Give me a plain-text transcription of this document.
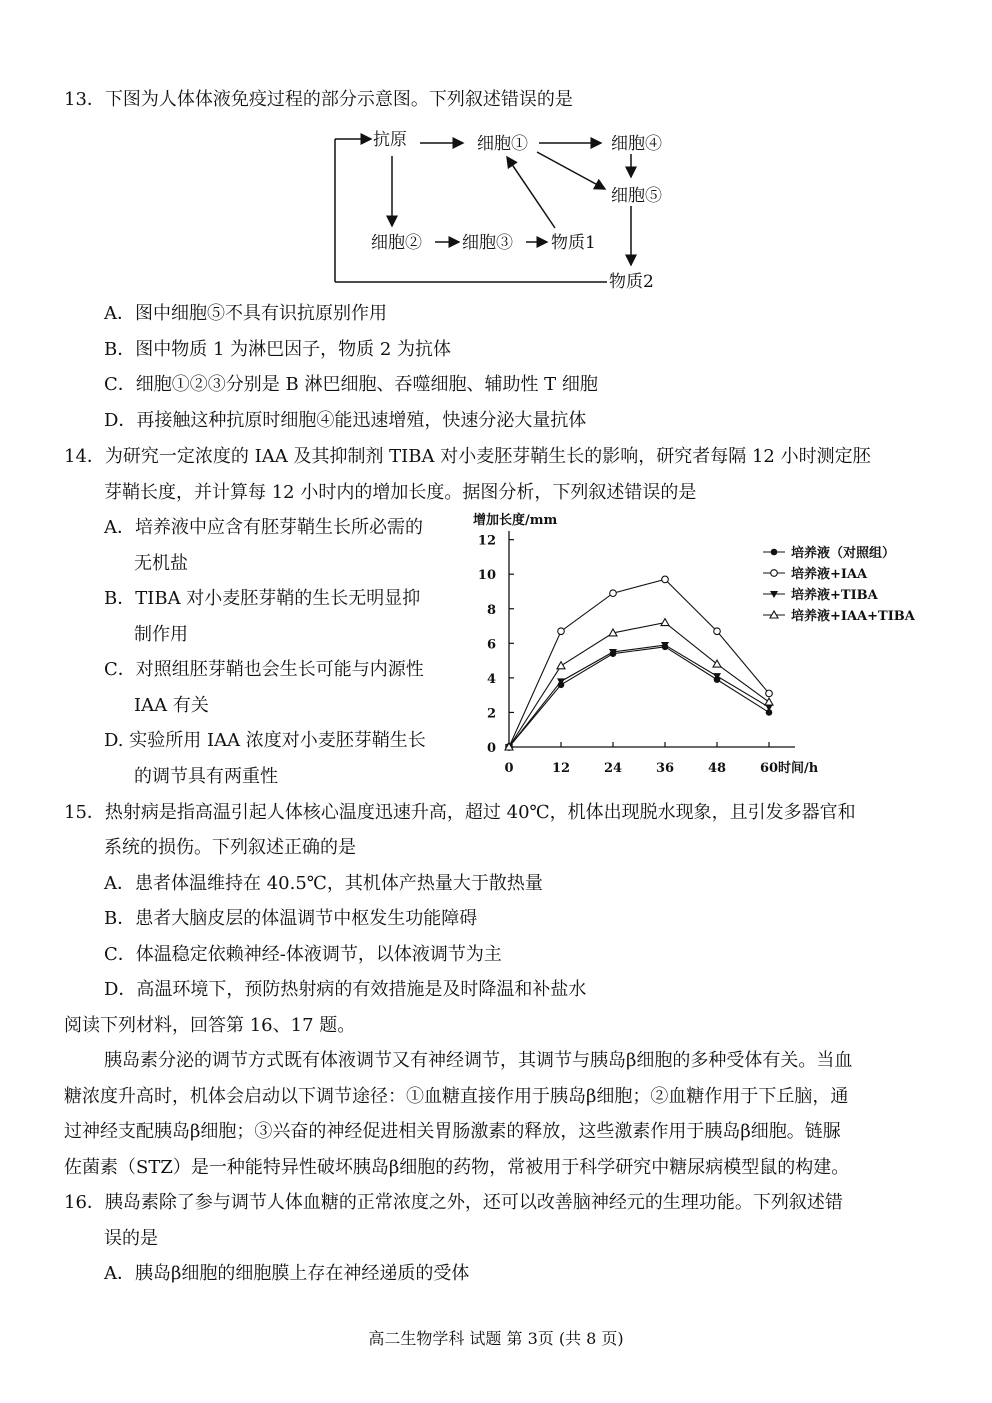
13．下图为人体体液免疫过程的部分示意图。下列叙述错误的是
抗原	细胞①	细胞④
细胞⑤
细胞② 细胞③ 物质1
物质2
A．图中细胞⑤不具有识抗原别作用
B．图中物质 1 为淋巴因子，物质 2 为抗体
C．细胞①②③分别是 B 淋巴细胞、吞噬细胞、辅助性 T 细胞
D．再接触这种抗原时细胞④能迅速增殖，快速分泌大量抗体
14．为研究一定浓度的 IAA 及其抑制剂 TIBA 对小麦胚芽鞘生长的影响，研究者每隔 12 小时测定胚
芽鞘长度，并计算每 12 小时内的增加长度。据图分析，下列叙述错误的是
A．培养液中应含有胚芽鞘生长所必需的
无机盐
B．TIBA 对小麦胚芽鞘的生长无明显抑
制作用
C．对照组胚芽鞘也会生长可能与内源性
IAA 有关
D. 实验所用 IAA 浓度对小麦胚芽鞘生长
的调节具有两重性
增加长度/mm
时间/h
0
2
4
6
8
10
12
0	12	24	36	48	60
培养液（对照组）
培养液+IAA
培养液+TIBA
培养液+IAA+TIBA
15．热射病是指高温引起人体核心温度迅速升高，超过 40℃，机体出现脱水现象，且引发多器官和
系统的损伤。下列叙述正确的是
A．患者体温维持在 40.5℃，其机体产热量大于散热量
B．患者大脑皮层的体温调节中枢发生功能障碍
C．体温稳定依赖神经-体液调节，以体液调节为主
D．高温环境下，预防热射病的有效措施是及时降温和补盐水
阅读下列材料，回答第 16、17 题。
胰岛素分泌的调节方式既有体液调节又有神经调节，其调节与胰岛β细胞的多种受体有关。当血
糖浓度升高时，机体会启动以下调节途径：①血糖直接作用于胰岛β细胞；②血糖作用于下丘脑，通
过神经支配胰岛β细胞；③兴奋的神经促进相关胃肠激素的释放，这些激素作用于胰岛β细胞。链脲
佐菌素（STZ）是一种能特异性破坏胰岛β细胞的药物，常被用于科学研究中糖尿病模型鼠的构建。
16．胰岛素除了参与调节人体血糖的正常浓度之外，还可以改善脑神经元的生理功能。下列叙述错
误的是
A．胰岛β细胞的细胞膜上存在神经递质的受体
高二生物学科 试题 第 3页 (共 8 页)
